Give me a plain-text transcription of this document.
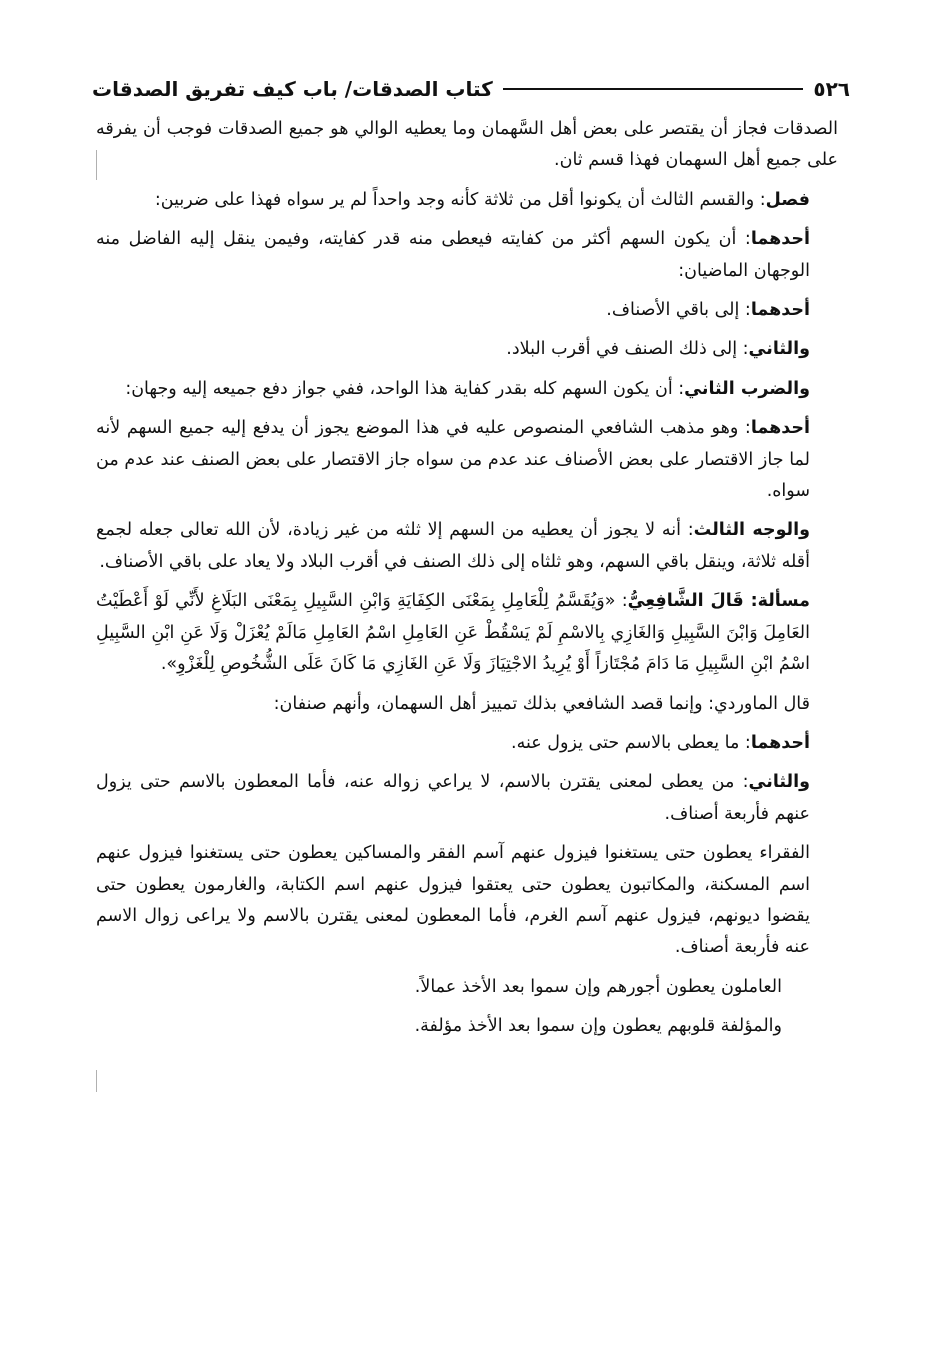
٥٢٦
كتاب الصدقات/ باب كيف تفريق الصدقات

الصدقات فجاز أن يقتصر على بعض أهل السَّهمان وما يعطيه الوالي هو جميع الصدقات فوجب أن يفرقه على جميع أهل السهمان فهذا قسم ثان.

فصل: والقسم الثالث أن يكونوا أقل من ثلاثة كأنه وجد واحداً لم ير سواه فهذا على ضربين:

أحدهما: أن يكون السهم أكثر من كفايته فيعطى منه قدر كفايته، وفيمن ينقل إليه الفاضل منه الوجهان الماضيان:

أحدهما: إلى باقي الأصناف.

والثاني: إلى ذلك الصنف في أقرب البلاد.

والضرب الثاني: أن يكون السهم كله بقدر كفاية هذا الواحد، ففي جواز دفع جميعه إليه وجهان:

أحدهما: وهو مذهب الشافعي المنصوص عليه في هذا الموضع يجوز أن يدفع إليه جميع السهم لأنه لما جاز الاقتصار على بعض الأصناف عند عدم من سواه جاز الاقتصار على بعض الصنف عند عدم من سواه.

والوجه الثالث: أنه لا يجوز أن يعطيه من السهم إلا ثلثه من غير زيادة، لأن الله تعالى جعله لجمع أقله ثلاثة، وينقل باقي السهم، وهو ثلثاه إلى ذلك الصنف في أقرب البلاد ولا يعاد على باقي الأصناف.

مسألة: قَالَ الشَّافِعِيُّ: «وَيُقَسَّمُ لِلْعَامِلِ بِمَعْنَى الكِفَايَةِ وَابْنِ السَّبِيلِ بِمَعْنَى البَلَاغِ لأَنِّي لَوْ أَعْطَيْتُ العَامِلَ وَابْنَ السَّبِيلِ وَالغَازِي بِالاسْمِ لَمْ يَسْقُطْ عَنِ العَامِلِ اسْمُ العَامِلِ مَالَمْ يُعْزَلْ وَلَا عَنِ ابْنِ السَّبِيلِ اسْمُ ابْنِ السَّبِيلِ مَا دَامَ مُجْتَازاً أَوْ يُرِيدُ الاجْتِيَازَ وَلَا عَنِ الغَازِي مَا كَانَ عَلَى الشُّخُوصِ لِلْغَزْوِ».

قال الماوردي: وإنما قصد الشافعي بذلك تمييز أهل السهمان، وأنهم صنفان:

أحدهما: ما يعطى بالاسم حتى يزول عنه.

والثاني: من يعطى لمعنى يقترن بالاسم، لا يراعي زواله عنه، فأما المعطون بالاسم حتى يزول عنهم فأربعة أصناف.

الفقراء يعطون حتى يستغنوا فيزول عنهم آسم الفقر والمساكين يعطون حتى يستغنوا فيزول عنهم اسم المسكنة، والمكاتبون يعطون حتى يعتقوا فيزول عنهم اسم الكتابة، والغارمون يعطون حتى يقضوا ديونهم، فيزول عنهم آسم الغرم، فأما المعطون لمعنى يقترن بالاسم ولا يراعى زوال الاسم عنه فأربعة أصناف.

العاملون يعطون أجورهم وإن سموا بعد الأخذ عمالاً.

والمؤلفة قلوبهم يعطون وإن سموا بعد الأخذ مؤلفة.
